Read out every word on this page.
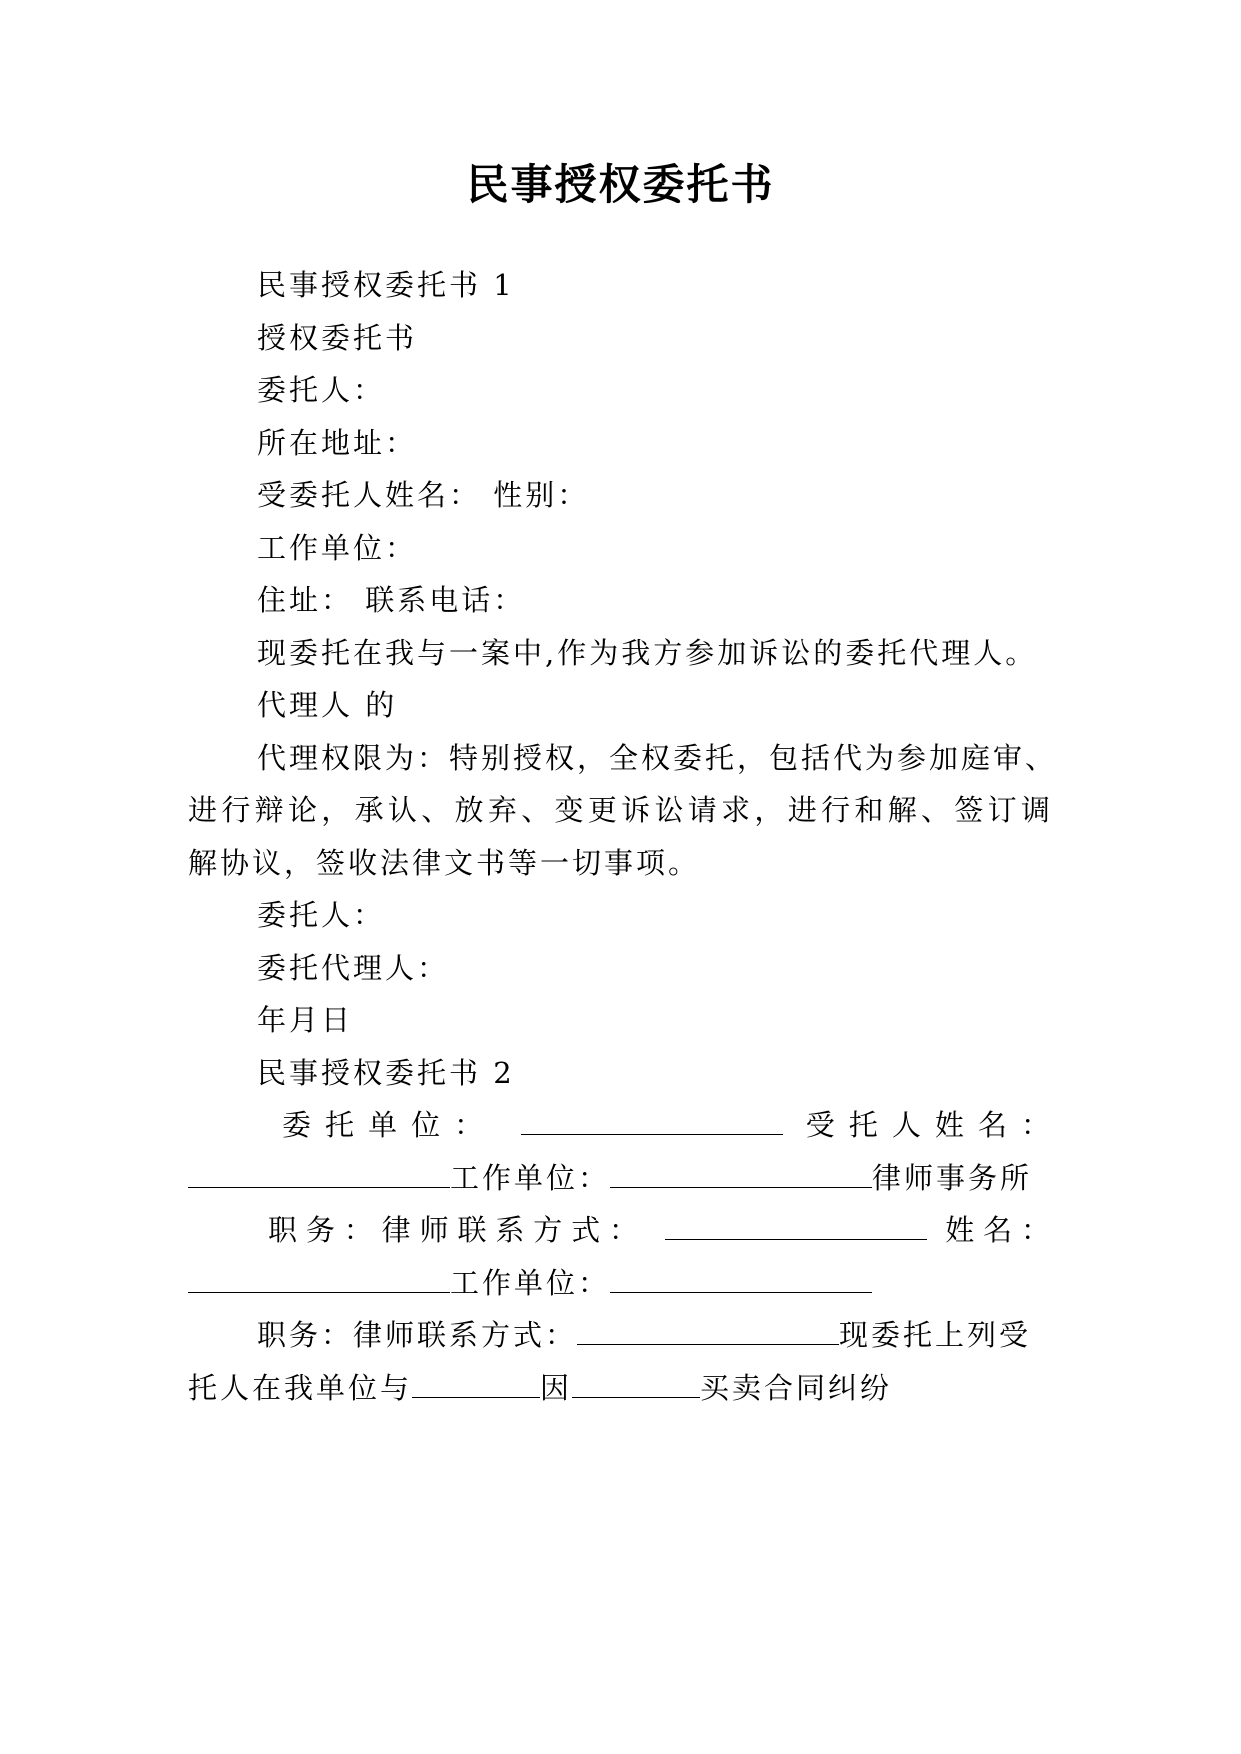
民事授权委托书
民事授权委托书 1
授权委托书
委托人：
所在地址：
受委托人姓名： 性别：
工作单位：
住址： 联系电话：
现委托在我与一案中,作为我方参加诉讼的委托代理人。
代理人 的
代理权限为：特别授权，全权委托，包括代为参加庭审、
进行辩论，承认、放弃、变更诉讼请求，进行和解、签订调
解协议，签收法律文书等一切事项。
委托人：
委托代理人：
年月日
民事授权委托书 2
委托单位：	受托人姓名：
工作单位：	律师事务所
职务：律师联系方式：	姓名：
工作单位：
职务：律师联系方式：	现委托上列受
托人在我单位与	因	买卖合同纠纷
